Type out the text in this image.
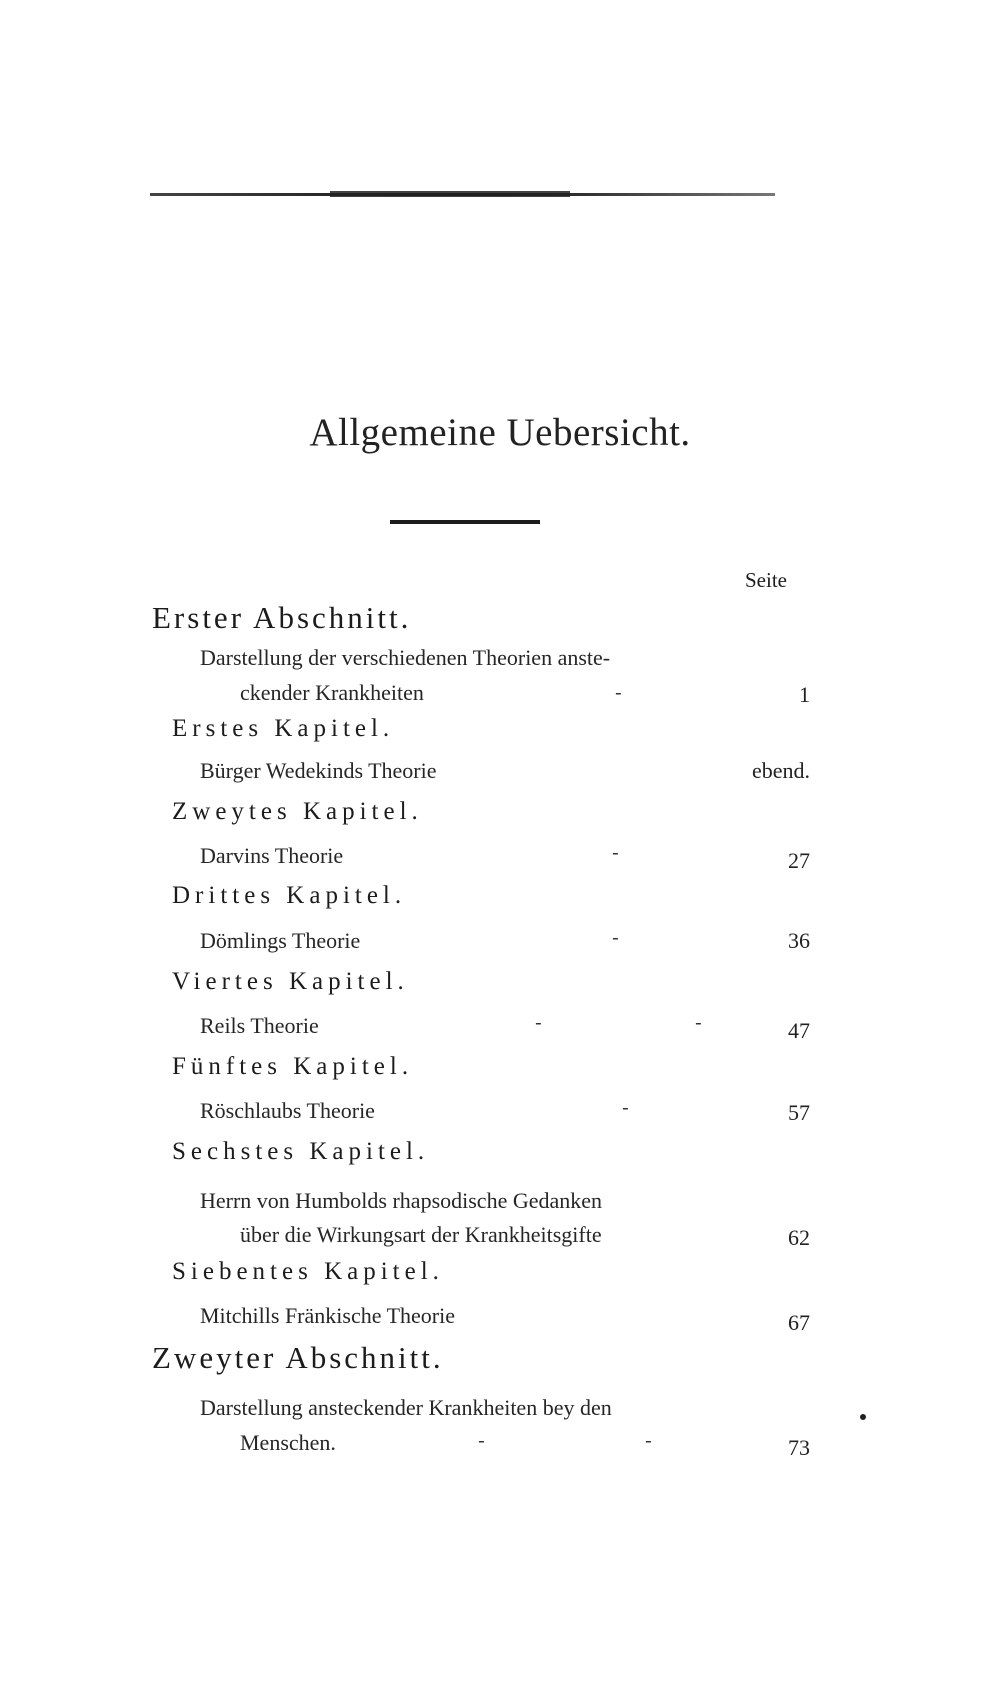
Allgemeine Uebersicht.
Seite
Erster Abschnitt.
Darstellung der verschiedenen Theorien anste-
ckender Krankheiten	-	1
Erstes Kapitel.
Bürger Wedekinds Theorie	ebend.
Zweytes Kapitel.
Darvins Theorie	-	27
Drittes Kapitel.
Dömlings Theorie	-	36
Viertes Kapitel.
Reils Theorie	-	-	47
Fünftes Kapitel.
Röschlaubs Theorie	-	57
Sechstes Kapitel.
Herrn von Humbolds rhapsodische Gedanken
über die Wirkungsart der Krankheitsgifte	62
Siebentes Kapitel.
Mitchills Fränkische Theorie	67
Zweyter Abschnitt.
Darstellung ansteckender Krankheiten bey den
Menschen.	-	-	73
